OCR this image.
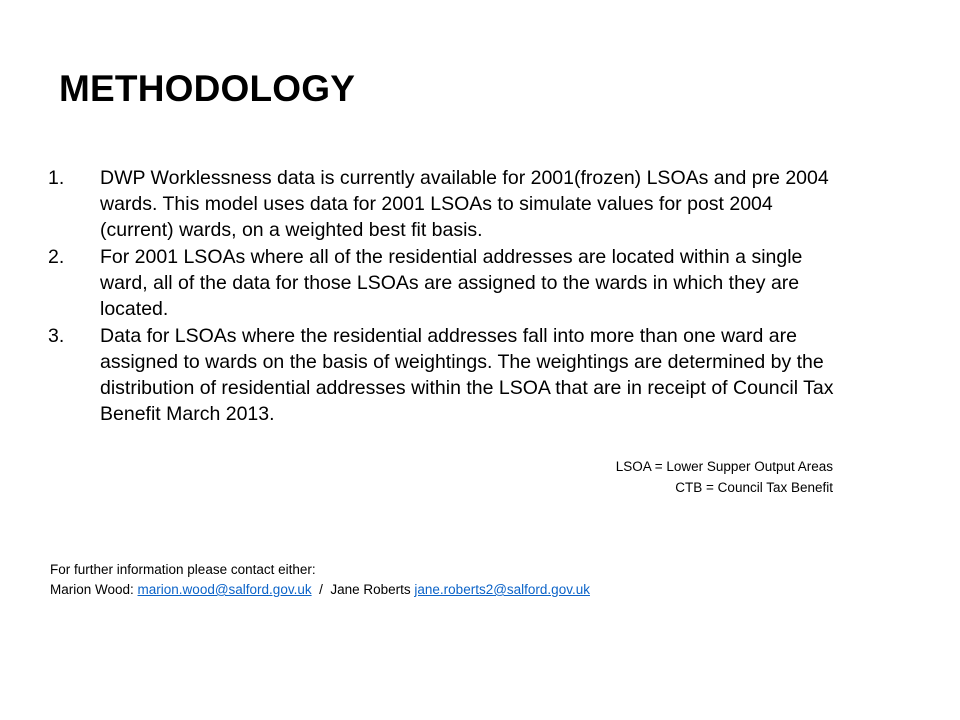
METHODOLOGY
1. DWP Worklessness data is currently available for 2001(frozen) LSOAs and pre 2004 wards. This model uses data for 2001 LSOAs to simulate values for post 2004 (current) wards, on a weighted best fit basis.
2. For 2001 LSOAs where all of the residential addresses are located within a single ward, all of the data for those LSOAs are assigned to the wards in which they are located.
3. Data for LSOAs where the residential addresses fall into more than one ward are assigned to wards on the basis of weightings. The weightings are determined by the distribution of residential addresses within the LSOA that are in receipt of Council Tax Benefit March 2013.
LSOA = Lower Supper Output Areas
CTB = Council Tax Benefit
For further information please contact either:
Marion Wood: marion.wood@salford.gov.uk  /  Jane Roberts jane.roberts2@salford.gov.uk
